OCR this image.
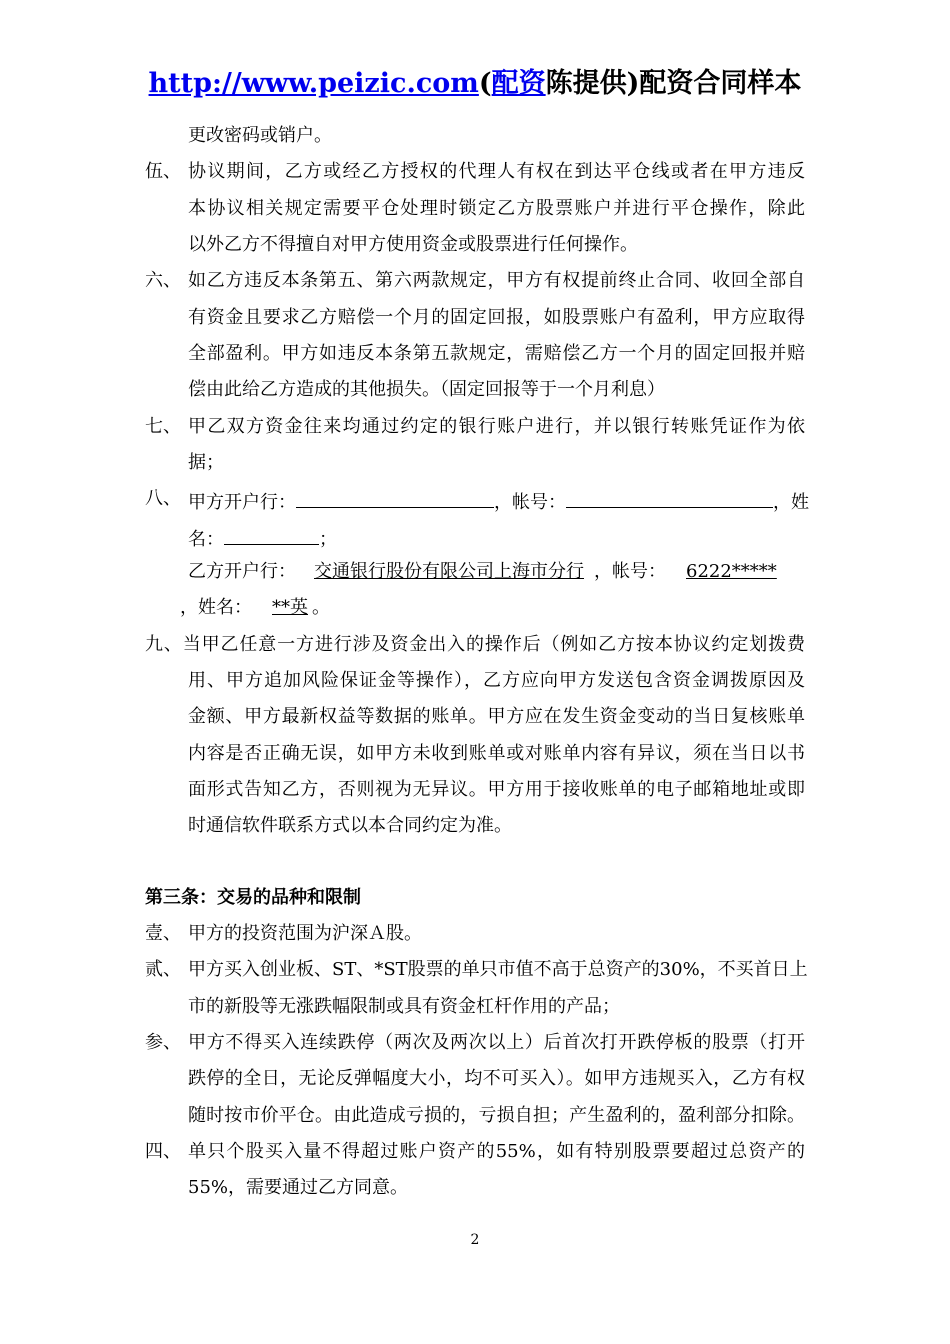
http://www.peizic.com(配资陈提供)配资合同样本
更改密码或销户。
伍、 协议期间，乙方或经乙方授权的代理人有权在到达平仓线或者在甲方违反
本协议相关规定需要平仓处理时锁定乙方股票账户并进行平仓操作，除此
以外乙方不得擅自对甲方使用资金或股票进行任何操作。
六、 如乙方违反本条第五、第六两款规定，甲方有权提前终止合同、收回全部自
有资金且要求乙方赔偿一个月的固定回报，如股票账户有盈利，甲方应取得
全部盈利。甲方如违反本条第五款规定，需赔偿乙方一个月的固定回报并赔
偿由此给乙方造成的其他损失。（固定回报等于一个月利息）
七、 甲乙双方资金往来均通过约定的银行账户进行，并以银行转账凭证作为依
据；
八、 甲方开户行：	，帐号：	，姓
名：	；
乙方开户行： 交通银行股份有限公司上海市分行 ，帐号： 6222*****
，姓名： **英 。
九、当甲乙任意一方进行涉及资金出入的操作后（例如乙方按本协议约定划拨费
用、甲方追加风险保证金等操作），乙方应向甲方发送包含资金调拨原因及
金额、甲方最新权益等数据的账单。甲方应在发生资金变动的当日复核账单
内容是否正确无误，如甲方未收到账单或对账单内容有异议，须在当日以书
面形式告知乙方，否则视为无异议。甲方用于接收账单的电子邮箱地址或即
时通信软件联系方式以本合同约定为准。
第三条：交易的品种和限制
壹、 甲方的投资范围为沪深Ａ股。
贰、 甲方买入创业板、ST、*ST股票的单只市值不高于总资产的30%，不买首日上
市的新股等无涨跌幅限制或具有资金杠杆作用的产品；
参、 甲方不得买入连续跌停（两次及两次以上）后首次打开跌停板的股票（打开
跌停的全日，无论反弹幅度大小，均不可买入）。如甲方违规买入，乙方有权
随时按市价平仓。由此造成亏损的，亏损自担；产生盈利的，盈利部分扣除。
四、 单只个股买入量不得超过账户资产的55%，如有特别股票要超过总资产的
55%，需要通过乙方同意。
2
